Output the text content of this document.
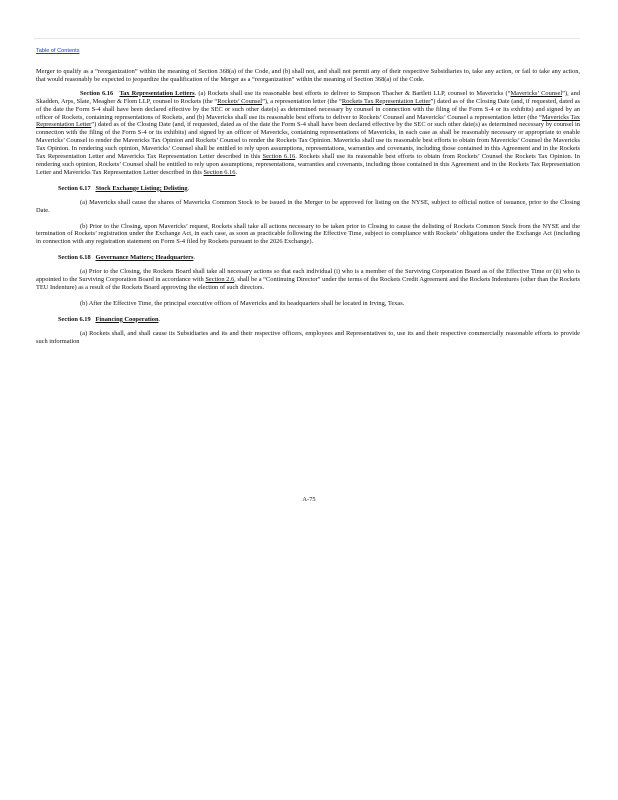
Table of Contents

Merger to qualify as a “reorganization” within the meaning of Section 368(a) of the Code, and (b) shall not, and shall not permit any of their respective Subsidiaries to, take any action, or fail to take any action, that would reasonably be expected to jeopardize the qualification of the Merger as a “reorganization” within the meaning of Section 368(a) of the Code.

Section 6.16 Tax Representation Letters. (a) Rockets shall use its reasonable best efforts to deliver to Simpson Thacher & Bartlett LLP, counsel to Mavericks (“Mavericks’ Counsel”), and Skadden, Arps, Slate, Meagher & Flom LLP, counsel to Rockets (the “Rockets’ Counsel”), a representation letter (the “Rockets Tax Representation Letter”) dated as of the Closing Date (and, if requested, dated as of the date the Form S-4 shall have been declared effective by the SEC or such other date(s) as determined necessary by counsel in connection with the filing of the Form S-4 or its exhibits) and signed by an officer of Rockets, containing representations of Rockets, and (b) Mavericks shall use its reasonable best efforts to deliver to Rockets’ Counsel and Mavericks’ Counsel a representation letter (the “Mavericks Tax Representation Letter”) dated as of the Closing Date (and, if requested, dated as of the date the Form S-4 shall have been declared effective by the SEC or such other date(s) as determined necessary by counsel in connection with the filing of the Form S-4 or its exhibits) and signed by an officer of Mavericks, containing representations of Mavericks, in each case as shall be reasonably necessary or appropriate to enable Mavericks’ Counsel to render the Mavericks Tax Opinion and Rockets’ Counsel to render the Rockets Tax Opinion. Mavericks shall use its reasonable best efforts to obtain from Mavericks’ Counsel the Mavericks Tax Opinion. In rendering such opinion, Mavericks’ Counsel shall be entitled to rely upon assumptions, representations, warranties and covenants, including those contained in this Agreement and in the Rockets Tax Representation Letter and Mavericks Tax Representation Letter described in this Section 6.16. Rockets shall use its reasonable best efforts to obtain from Rockets’ Counsel the Rockets Tax Opinion. In rendering such opinion, Rockets’ Counsel shall be entitled to rely upon assumptions, representations, warranties and covenants, including those contained in this Agreement and in the Rockets Tax Representation Letter and Mavericks Tax Representation Letter described in this Section 6.16.

Section 6.17 Stock Exchange Listing; Delisting.

(a) Mavericks shall cause the shares of Mavericks Common Stock to be issued in the Merger to be approved for listing on the NYSE, subject to official notice of issuance, prior to the Closing Date.

(b) Prior to the Closing, upon Mavericks’ request, Rockets shall take all actions necessary to be taken prior to Closing to cause the delisting of Rockets Common Stock from the NYSE and the termination of Rockets’ registration under the Exchange Act, in each case, as soon as practicable following the Effective Time, subject to compliance with Rockets’ obligations under the Exchange Act (including in connection with any registration statement on Form S-4 filed by Rockets pursuant to the 2026 Exchange).

Section 6.18 Governance Matters; Headquarters.

(a) Prior to the Closing, the Rockets Board shall take all necessary actions so that each individual (i) who is a member of the Surviving Corporation Board as of the Effective Time or (ii) who is appointed to the Surviving Corporation Board in accordance with Section 2.6, shall be a “Continuing Director” under the terms of the Rockets Credit Agreement and the Rockets Indentures (other than the Rockets TEU Indenture) as a result of the Rockets Board approving the election of such directors.

(b) After the Effective Time, the principal executive offices of Mavericks and its headquarters shall be located in Irving, Texas.

Section 6.19 Financing Cooperation.

(a) Rockets shall, and shall cause its Subsidiaries and its and their respective officers, employees and Representatives to, use its and their respective commercially reasonable efforts to provide such information

A-75
